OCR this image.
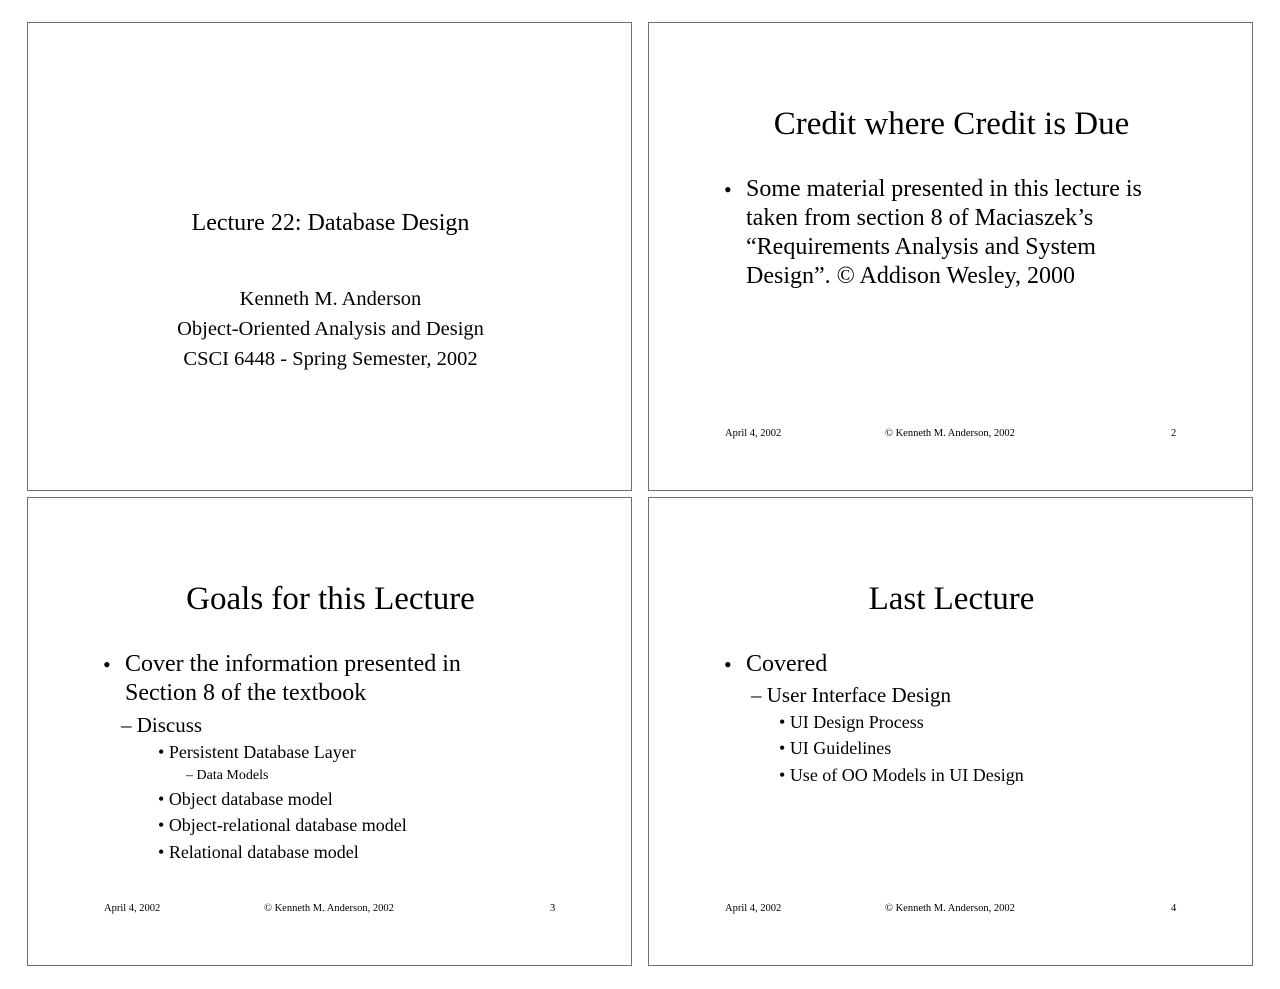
Lecture 22: Database Design
Kenneth M. Anderson
Object-Oriented Analysis and Design
CSCI 6448 - Spring Semester, 2002
Credit where Credit is Due
• Some material presented in this lecture is taken from section 8 of Maciaszek’s “Requirements Analysis and System Design”. © Addison Wesley, 2000
April 4, 2002	© Kenneth M. Anderson, 2002	2
Goals for this Lecture
• Cover the information presented in Section 8 of the textbook
– Discuss
• Persistent Database Layer
– Data Models
• Object database model
• Object-relational database model
• Relational database model
April 4, 2002	© Kenneth M. Anderson, 2002	3
Last Lecture
• Covered
– User Interface Design
• UI Design Process
• UI Guidelines
• Use of OO Models in UI Design
April 4, 2002	© Kenneth M. Anderson, 2002	4
